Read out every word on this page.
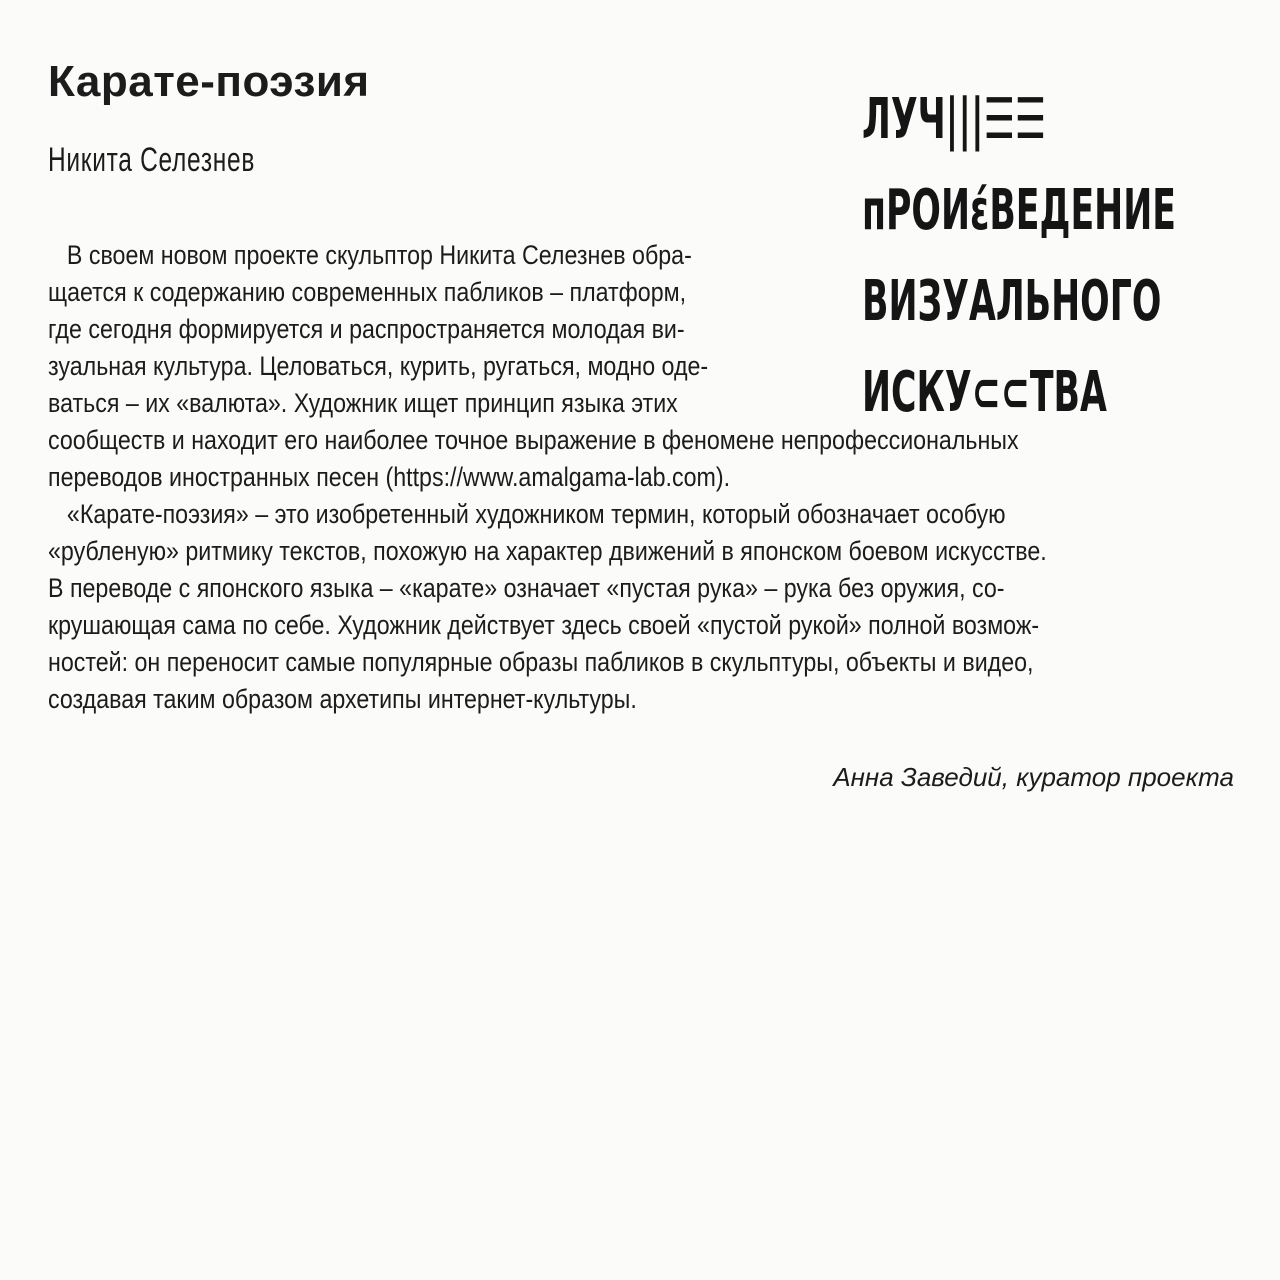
Карате-поэзия
Никита Селезнев
ЛУЧ|||☰☰
пРОИέВЕДЕНИЕ
ВИЗУАЛЬНОГО
ИСКУ⊂⊂ТВА
В своем новом проекте скульптор Никита Селезнев обра-
щается к содержанию современных пабликов – платформ,
где сегодня формируется и распространяется молодая ви-
зуальная культура. Целоваться, курить, ругаться, модно оде-
ваться – их «валюта». Художник ищет принцип языка этих
сообществ и находит его наиболее точное выражение в феномене непрофессиональных
переводов иностранных песен (https://www.amalgama-lab.com).
«Карате-поэзия» – это изобретенный художником термин, который обозначает особую
«рубленую» ритмику текстов, похожую на характер движений в японском боевом искусстве.
В переводе с японского языка – «карате» означает «пустая рука» – рука без оружия, со-
крушающая сама по себе. Художник действует здесь своей «пустой рукой» полной возмож-
ностей: он переносит самые популярные образы пабликов в скульптуры, объекты и видео,
создавая таким образом архетипы интернет-культуры.
Анна Заведий, куратор проекта
